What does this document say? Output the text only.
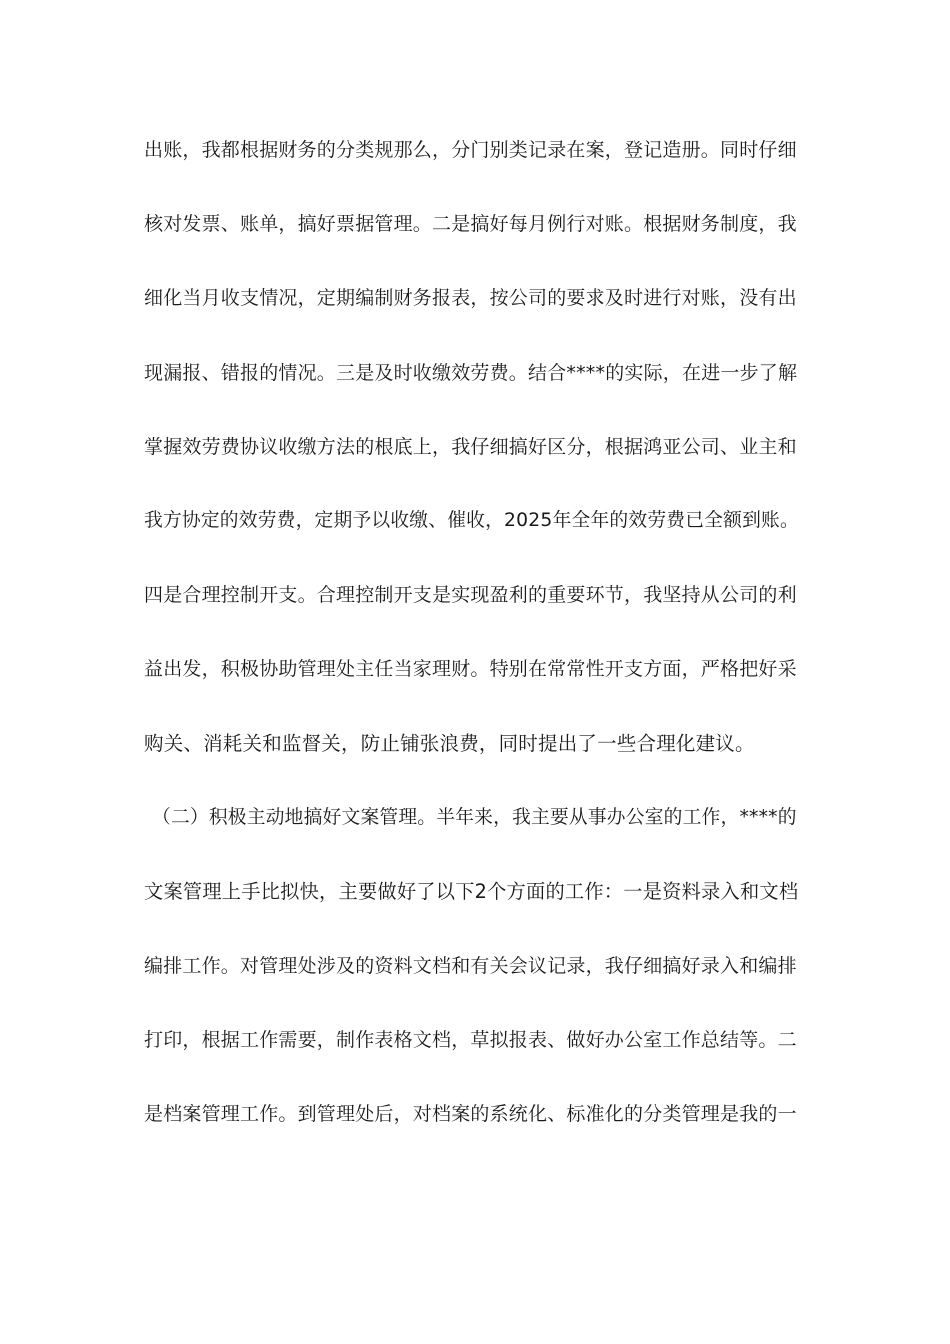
出账，我都根据财务的分类规那么，分门别类记录在案，登记造册。同时仔细
核对发票、账单，搞好票据管理。二是搞好每月例行对账。根据财务制度，我
细化当月收支情况，定期编制财务报表，按公司的要求及时进行对账，没有出
现漏报、错报的情况。三是及时收缴效劳费。结合****的实际，在进一步了解
掌握效劳费协议收缴方法的根底上，我仔细搞好区分，根据鸿亚公司、业主和
我方协定的效劳费，定期予以收缴、催收，2025年全年的效劳费已全额到账。
四是合理控制开支。合理控制开支是实现盈利的重要环节，我坚持从公司的利
益出发，积极协助管理处主任当家理财。特别在常常性开支方面，严格把好采
购关、消耗关和监督关，防止铺张浪费，同时提出了一些合理化建议。
（二）积极主动地搞好文案管理。半年来，我主要从事办公室的工作，****的
文案管理上手比拟快，主要做好了以下2个方面的工作：一是资料录入和文档
编排工作。对管理处涉及的资料文档和有关会议记录，我仔细搞好录入和编排
打印，根据工作需要，制作表格文档，草拟报表、做好办公室工作总结等。二
是档案管理工作。到管理处后，对档案的系统化、标准化的分类管理是我的一
